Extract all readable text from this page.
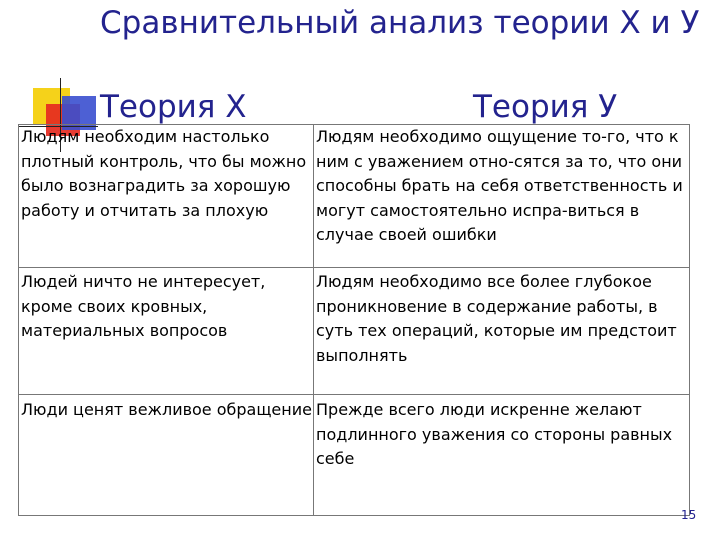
Сравнительный анализ теории Х и У
Теория Х	Теория У
Людям необходим настолько плотный контроль, что бы можно было вознаградить за хорошую работу и отчитать за плохую
Людям необходимо ощущение то-го, что к ним с уважением отно-сятся за то, что они способны брать на себя ответственность и могут самостоятельно испра-виться в случае своей ошибки
Людей ничто не интересует, кроме своих кровных, материальных вопросов
Людям необходимо все более глубокое проникновение в содержание работы, в суть тех операций, которые им предстоит выполнять
Люди ценят вежливое обращение Прежде всего люди искренне желают подлинного уважения со стороны равных себе
15
